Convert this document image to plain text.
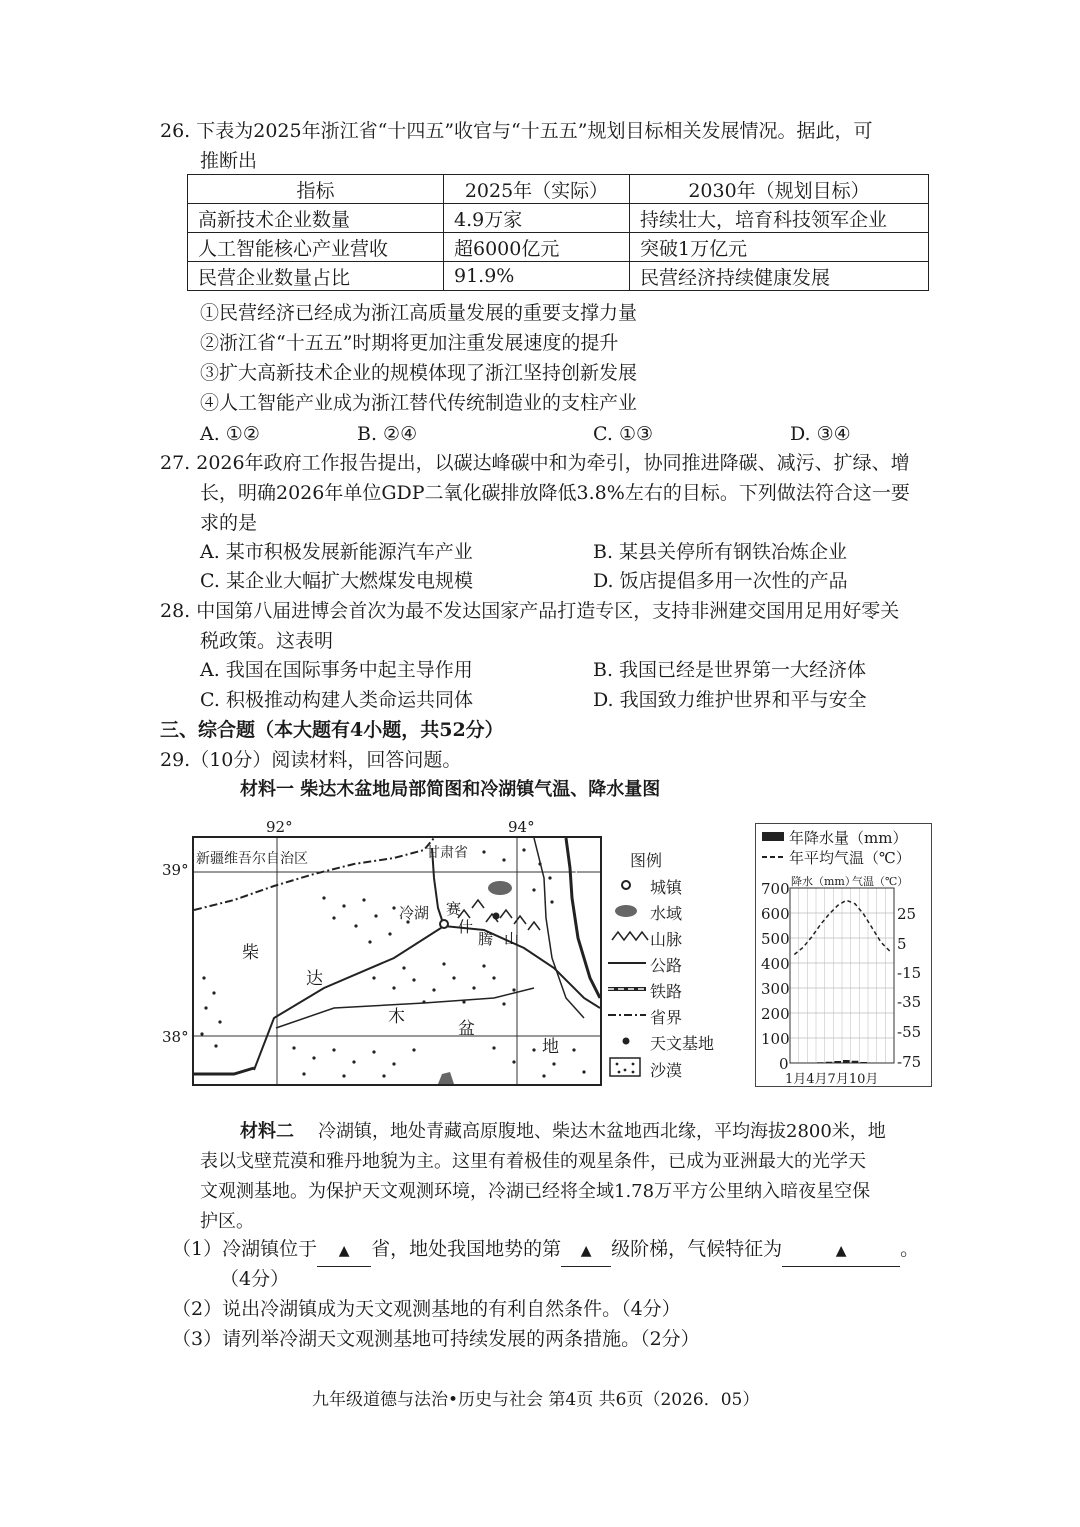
26. 下表为2025年浙江省“十四五”收官与“十五五”规划目标相关发展情况。据此，可
推断出
指标	2025年（实际）	2030年（规划目标）
高新技术企业数量	4.9万家	持续壮大，培育科技领军企业
人工智能核心产业营收	超6000亿元	突破1万亿元
民营企业数量占比	91.9%	民营经济持续健康发展
①民营经济已经成为浙江高质量发展的重要支撑力量
②浙江省“十五五”时期将更加注重发展速度的提升
③扩大高新技术企业的规模体现了浙江坚持创新发展
④人工智能产业成为浙江替代传统制造业的支柱产业
A. ①②	B. ②④	C. ①③	D. ③④
27. 2026年政府工作报告提出，以碳达峰碳中和为牵引，协同推进降碳、减污、扩绿、增
长，明确2026年单位GDP二氧化碳排放降低3.8%左右的目标。下列做法符合这一要
求的是
A. 某市积极发展新能源汽车产业	B. 某县关停所有钢铁冶炼企业
C. 某企业大幅扩大燃煤发电规模	D. 饭店提倡多用一次性的产品
28. 中国第八届进博会首次为最不发达国家产品打造专区，支持非洲建交国用足用好零关
税政策。这表明
A. 我国在国际事务中起主导作用	B. 我国已经是世界第一大经济体
C. 积极推动构建人类命运共同体	D. 我国致力维护世界和平与安全
三、综合题（本大题有4小题，共52分）
29.（10分）阅读材料，回答问题。
材料一 柴达木盆地局部简图和冷湖镇气温、降水量图
92°	94°
39°
38°
新疆维吾尔自治区	甘肃省
冷湖 赛
什
腾 山
柴
达
木
盆
地
图例
城镇
水域
山脉
公路
铁路
省界
天文基地
沙漠
年降水量（mm）
年平均气温（℃）
降水（mm）
气温（℃）
700
600
500
400
300
200
100
0
25
5
-15
-35
-55
-75
1月4月7月10月
材料二 冷湖镇，地处青藏高原腹地、柴达木盆地西北缘，平均海拔2800米，地
表以戈壁荒漠和雅丹地貌为主。这里有着极佳的观星条件，已成为亚洲最大的光学天
文观测基地。为保护天文观测环境，冷湖已经将全域1.78万平方公里纳入暗夜星空保
护区。
（1）冷湖镇位于 ▲ 省，地处我国地势的第 ▲ 级阶梯，气候特征为	▲	。
（4分）
（2）说出冷湖镇成为天文观测基地的有利自然条件。（4分）
（3）请列举冷湖天文观测基地可持续发展的两条措施。（2分）
九年级道德与法治•历史与社会 第4页 共6页（2026．05）
